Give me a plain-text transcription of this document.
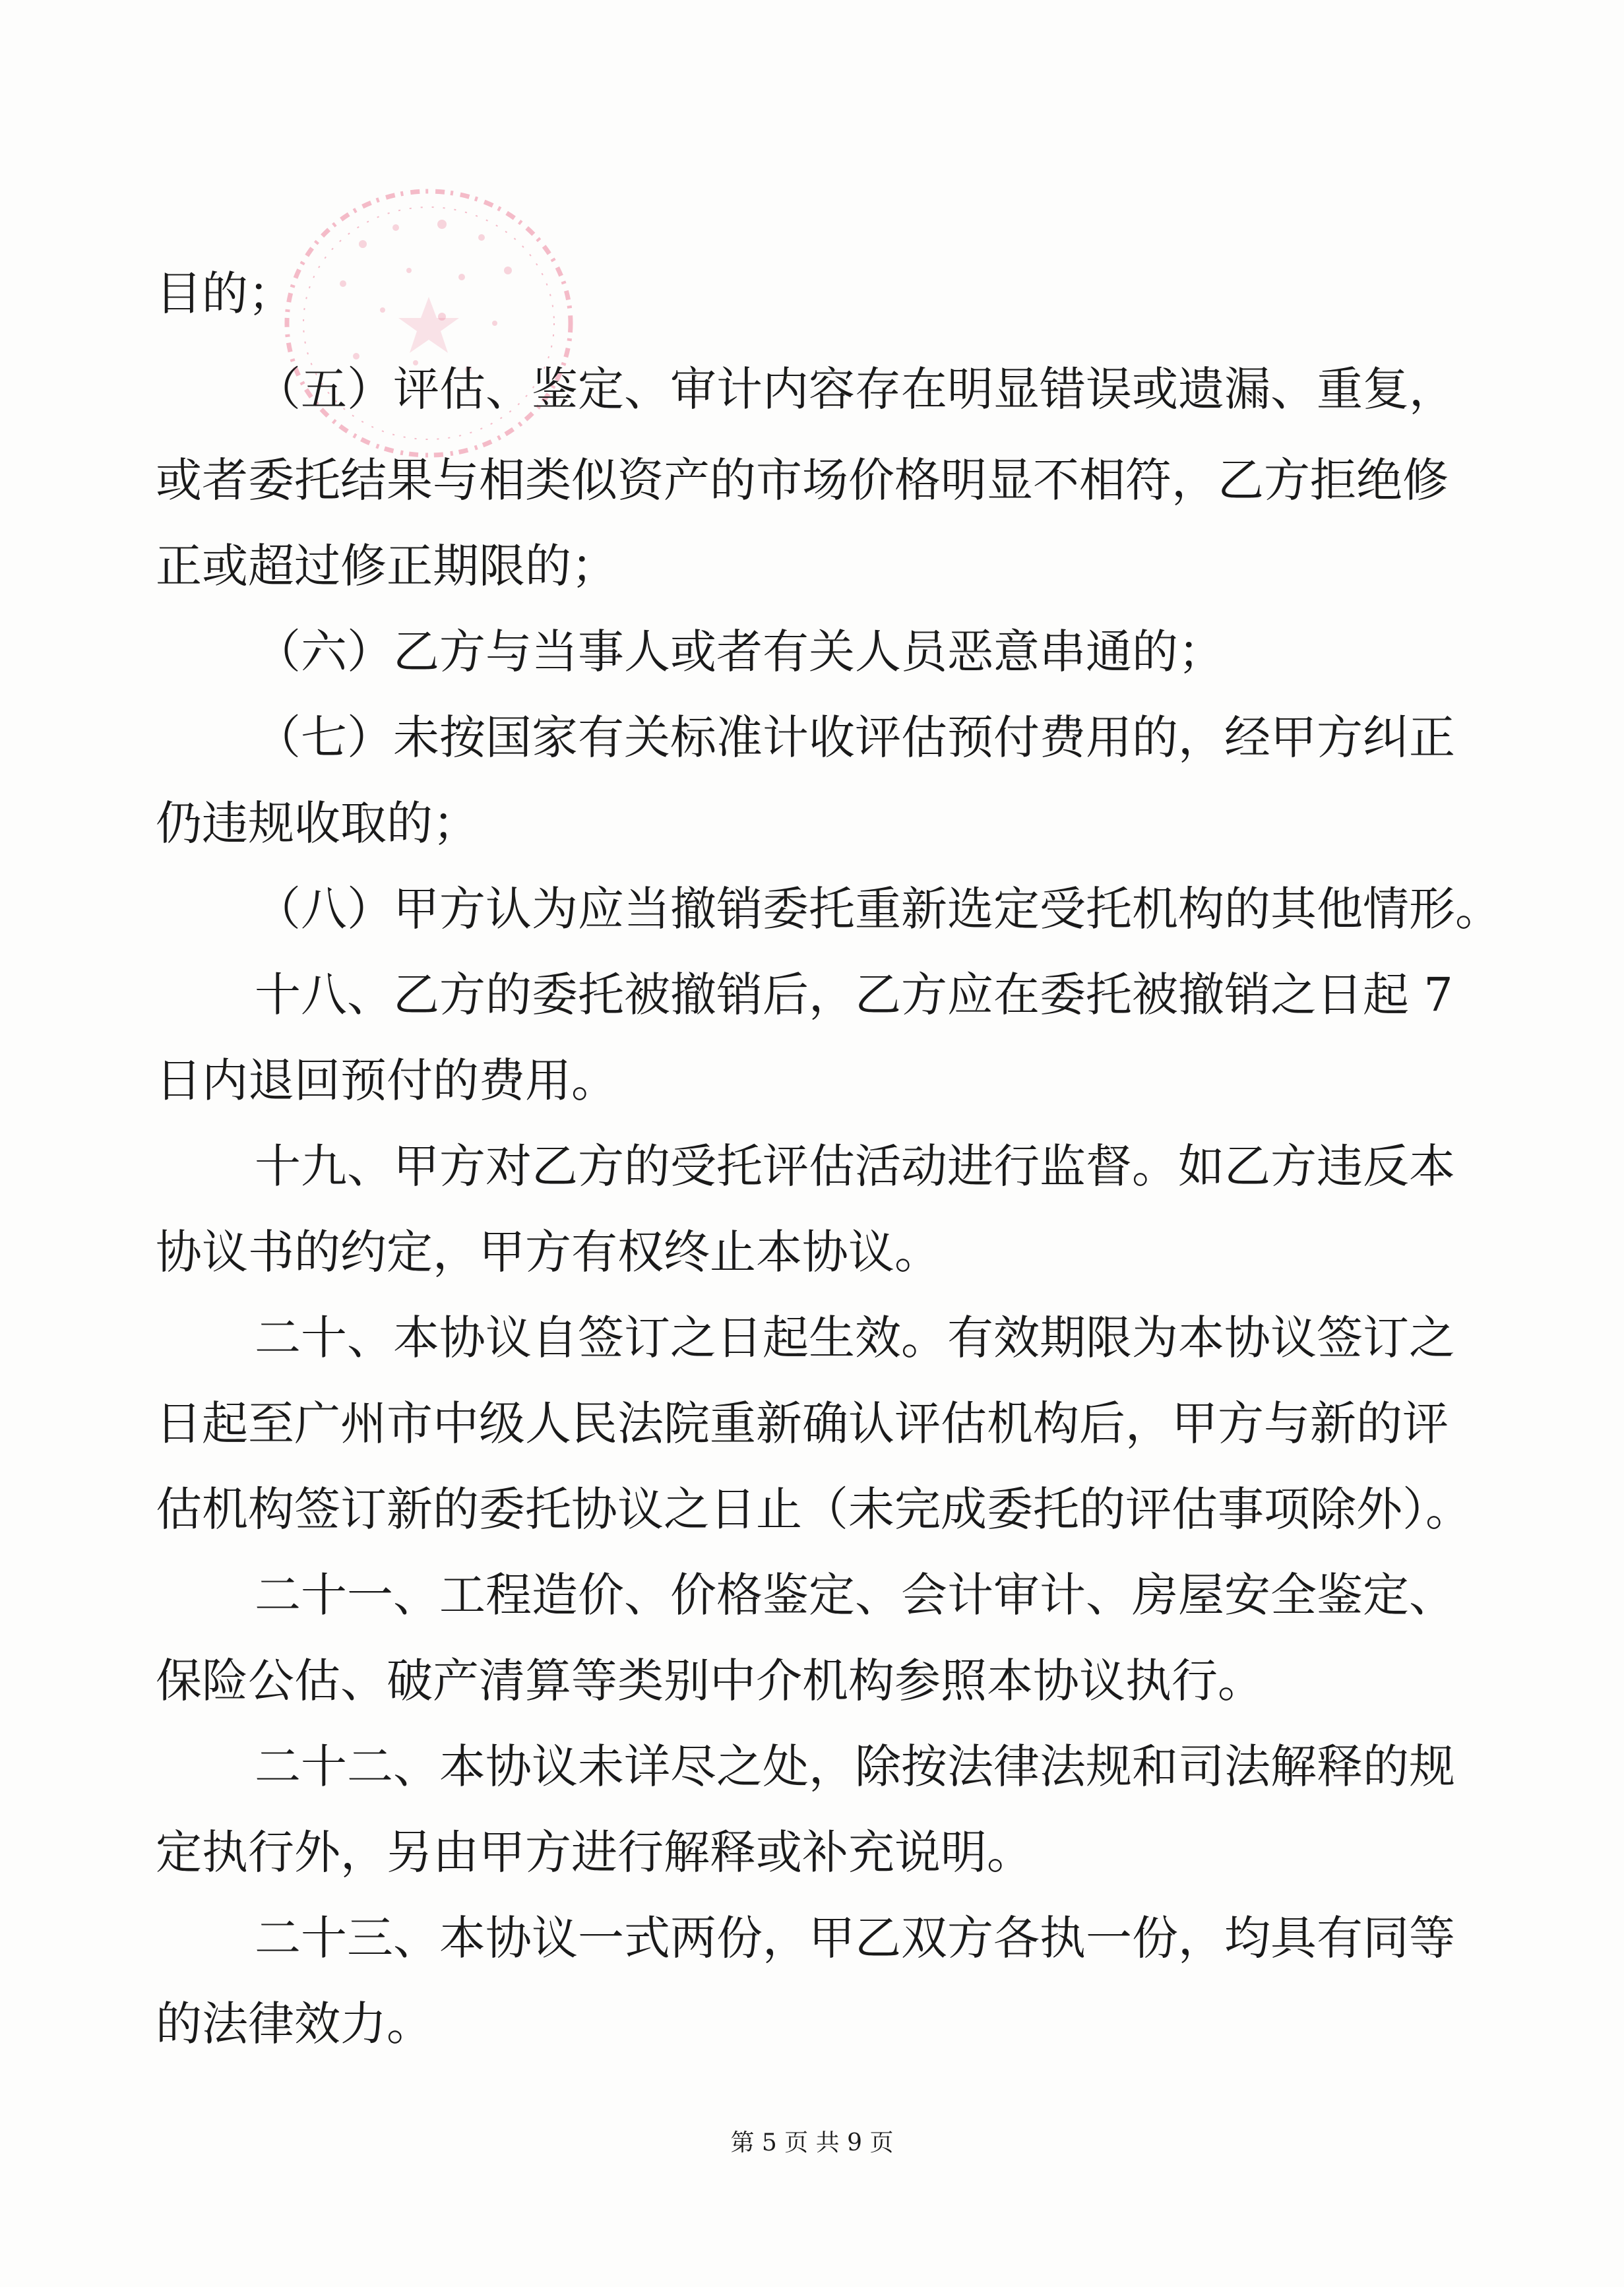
目的；
（五）评估、鉴定、审计内容存在明显错误或遗漏、重复，
或者委托结果与相类似资产的市场价格明显不相符，乙方拒绝修
正或超过修正期限的；
（六）乙方与当事人或者有关人员恶意串通的；
（七）未按国家有关标准计收评估预付费用的，经甲方纠正
仍违规收取的；
（八）甲方认为应当撤销委托重新选定受托机构的其他情形。
十八、乙方的委托被撤销后，乙方应在委托被撤销之日起 7
日内退回预付的费用。
十九、甲方对乙方的受托评估活动进行监督。如乙方违反本
协议书的约定，甲方有权终止本协议。
二十、本协议自签订之日起生效。有效期限为本协议签订之
日起至广州市中级人民法院重新确认评估机构后，甲方与新的评
估机构签订新的委托协议之日止（未完成委托的评估事项除外）。
二十一、工程造价、价格鉴定、会计审计、房屋安全鉴定、
保险公估、破产清算等类别中介机构参照本协议执行。
二十二、本协议未详尽之处，除按法律法规和司法解释的规
定执行外，另由甲方进行解释或补充说明。
二十三、本协议一式两份，甲乙双方各执一份，均具有同等
的法律效力。
第 5 页 共 9 页
